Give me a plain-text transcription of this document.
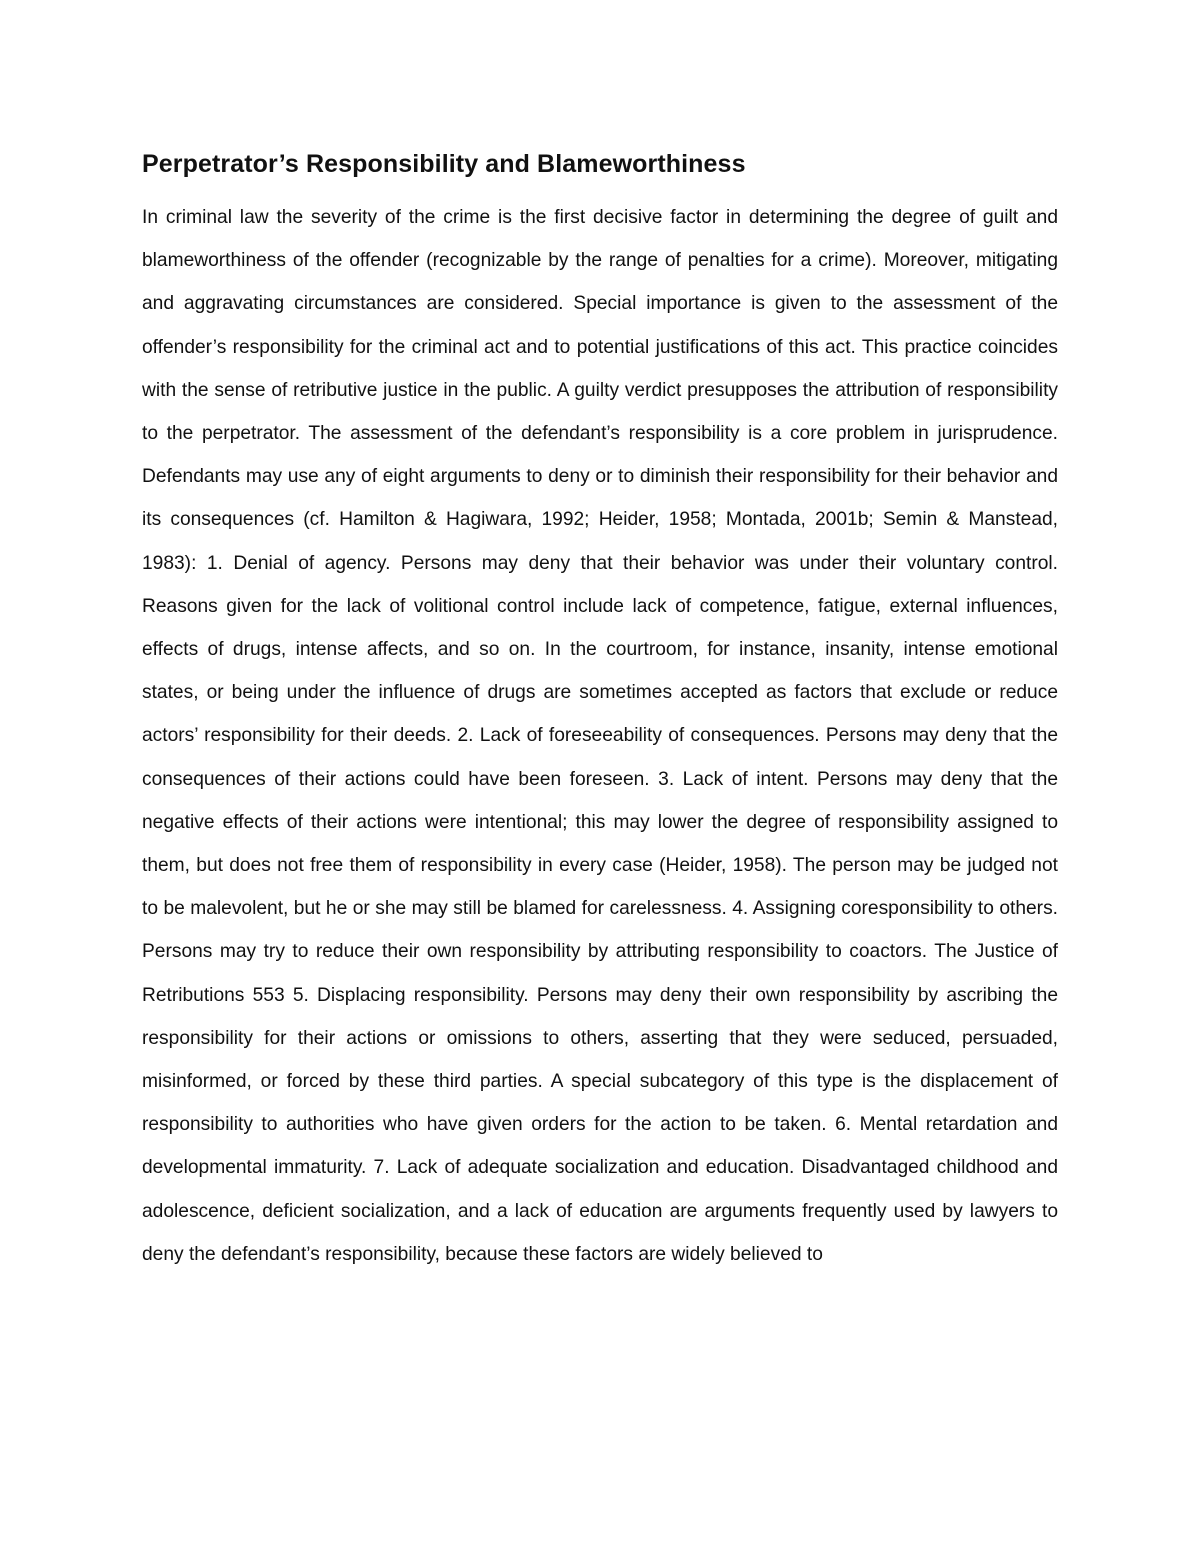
Perpetrator’s Responsibility and Blameworthiness

In criminal law the severity of the crime is the first decisive factor in determining the degree of guilt and blameworthiness of the offender (recognizable by the range of penalties for a crime). Moreover, mitigating and aggravating circumstances are considered. Special importance is given to the assessment of the offender’s responsibility for the criminal act and to potential justifications of this act. This practice coincides with the sense of retributive justice in the public. A guilty verdict presupposes the attribution of responsibility to the perpetrator. The assessment of the defendant’s responsibility is a core problem in jurisprudence. Defendants may use any of eight arguments to deny or to diminish their responsibility for their behavior and its consequences (cf. Hamilton & Hagiwara, 1992; Heider, 1958; Montada, 2001b; Semin & Manstead, 1983): 1. Denial of agency. Persons may deny that their behavior was under their voluntary control. Reasons given for the lack of volitional control include lack of competence, fatigue, external influences, effects of drugs, intense affects, and so on. In the courtroom, for instance, insanity, intense emotional states, or being under the influence of drugs are sometimes accepted as factors that exclude or reduce actors’ responsibility for their deeds. 2. Lack of foreseeability of consequences. Persons may deny that the consequences of their actions could have been foreseen. 3. Lack of intent. Persons may deny that the negative effects of their actions were intentional; this may lower the degree of responsibility assigned to them, but does not free them of responsibility in every case (Heider, 1958). The person may be judged not to be malevolent, but he or she may still be blamed for carelessness. 4. Assigning coresponsibility to others. Persons may try to reduce their own responsibility by attributing responsibility to coactors. The Justice of Retributions 553 5. Displacing responsibility. Persons may deny their own responsibility by ascribing the responsibility for their actions or omissions to others, asserting that they were seduced, persuaded, misinformed, or forced by these third parties. A special subcategory of this type is the displacement of responsibility to authorities who have given orders for the action to be taken. 6. Mental retardation and developmental immaturity. 7. Lack of adequate socialization and education. Disadvantaged childhood and adolescence, deficient socialization, and a lack of education are arguments frequently used by lawyers to deny the defendant’s responsibility, because these factors are widely believed to
